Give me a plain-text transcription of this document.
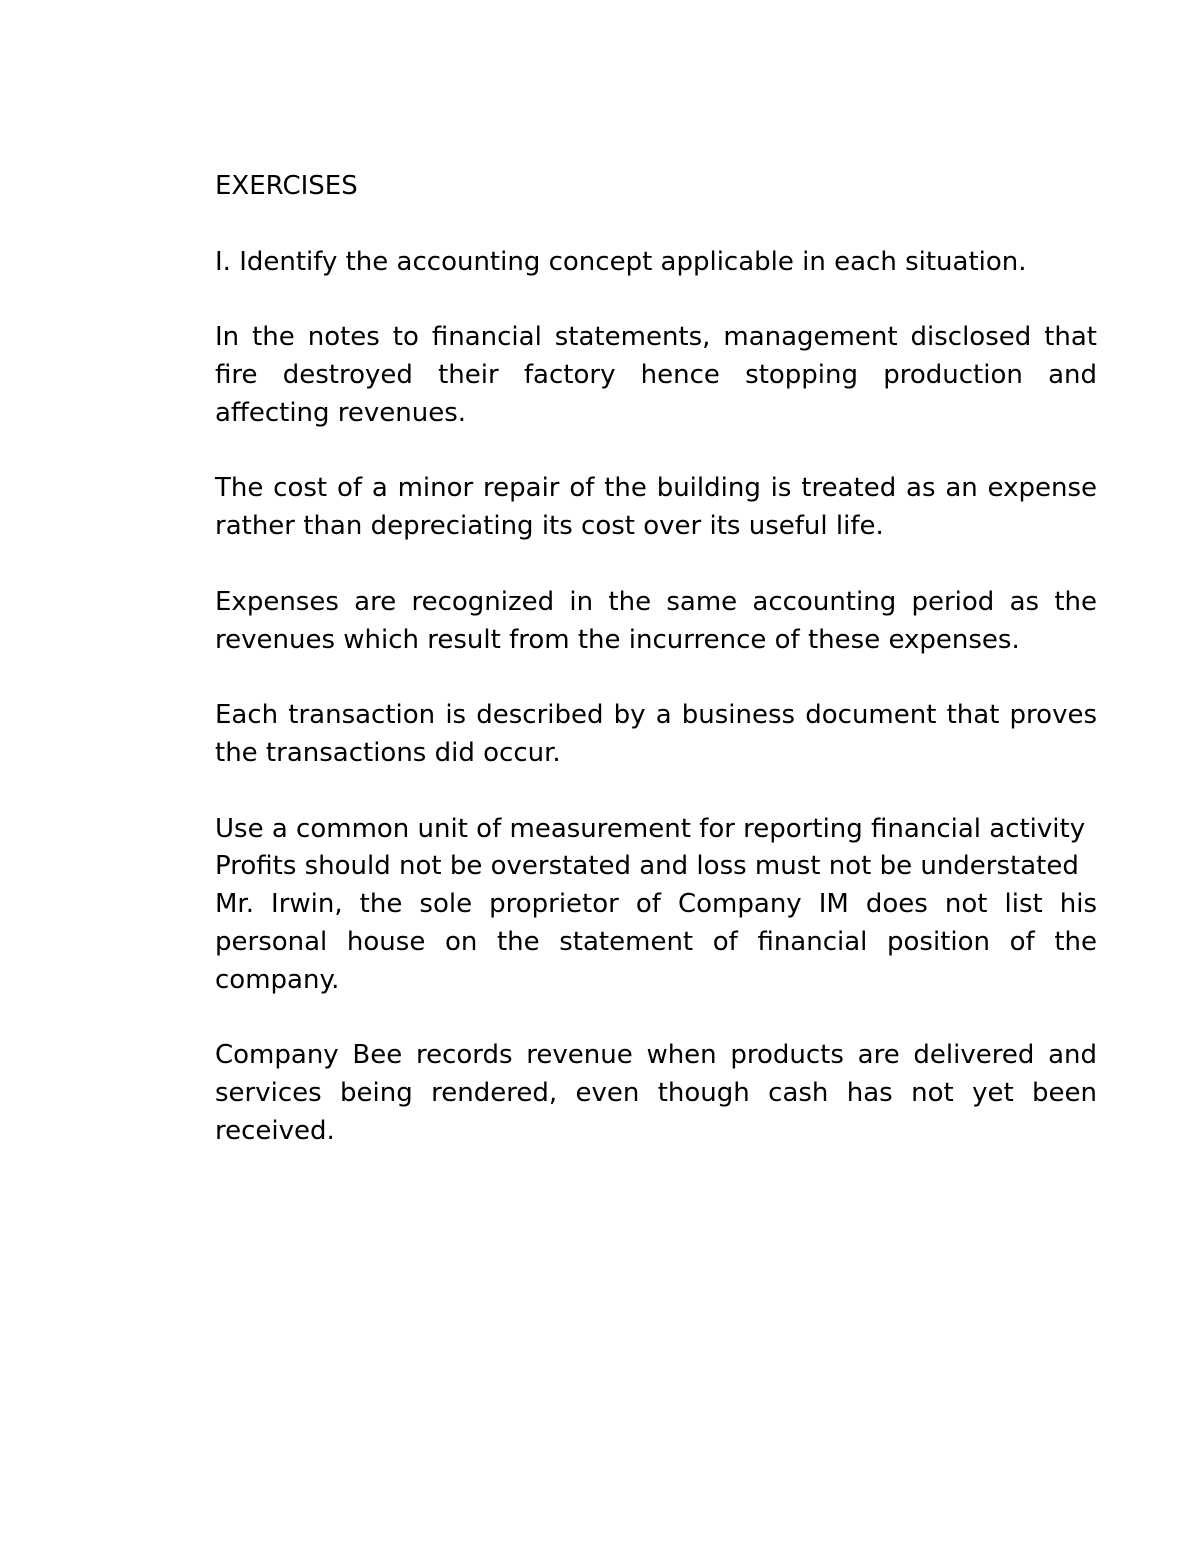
EXERCISES

I. Identify the accounting concept applicable in each situation.

In the notes to financial statements, management disclosed that fire destroyed their factory hence stopping production and affecting revenues.

The cost of a minor repair of the building is treated as an expense rather than depreciating its cost over its useful life.

Expenses are recognized in the same accounting period as the revenues which result from the incurrence of these expenses.

Each transaction is described by a business document that proves the transactions did occur.

Use a common unit of measurement for reporting financial activity

Profits should not be overstated and loss must not be understated

Mr. Irwin, the sole proprietor of Company IM does not list his personal house on the statement of financial position of the company.

Company Bee records revenue when products are delivered and services being rendered, even though cash has not yet been received.
